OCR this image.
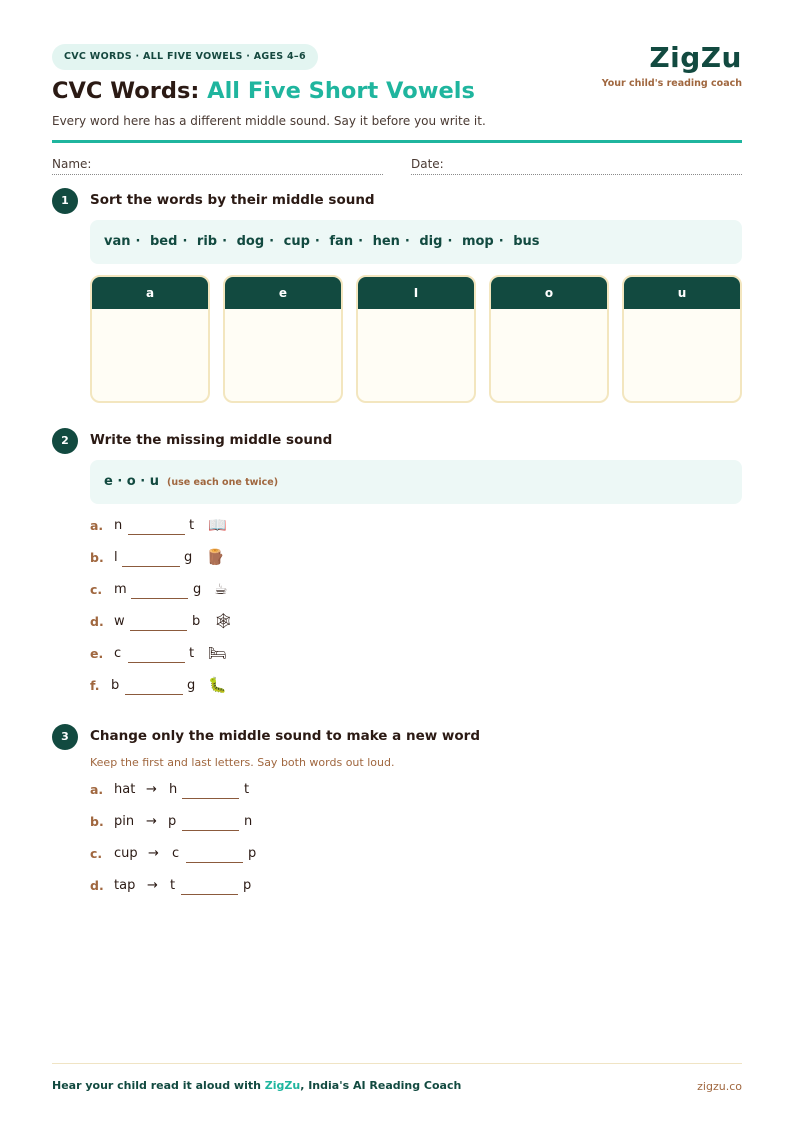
CVC WORDS · ALL FIVE VOWELS · AGES 4–6	ZigZu
Your child's reading coach
CVC Words: All Five Short Vowels
Every word here has a different middle sound. Say it before you write it.
Name:	Date:
1	Sort the words by their middle sound
van · bed · rib · dog · cup · fan · hen · dig · mop · bus
a	e	I	o	u
2	Write the missing middle sound
e · o · u (use each one twice)
a. n	t 📖
b. l	g 🪵
c. m	g ☕
d. w	b 🕸
e. c	t 🛏
f. b	g 🐛
3	Change only the middle sound to make a new word
Keep the first and last letters. Say both words out loud.
a. hat → h	t
b. pin → p	n
c. cup → c	p
d. tap → t	p
Hear your child read it aloud with ZigZu, India's AI Reading Coach	zigzu.co
